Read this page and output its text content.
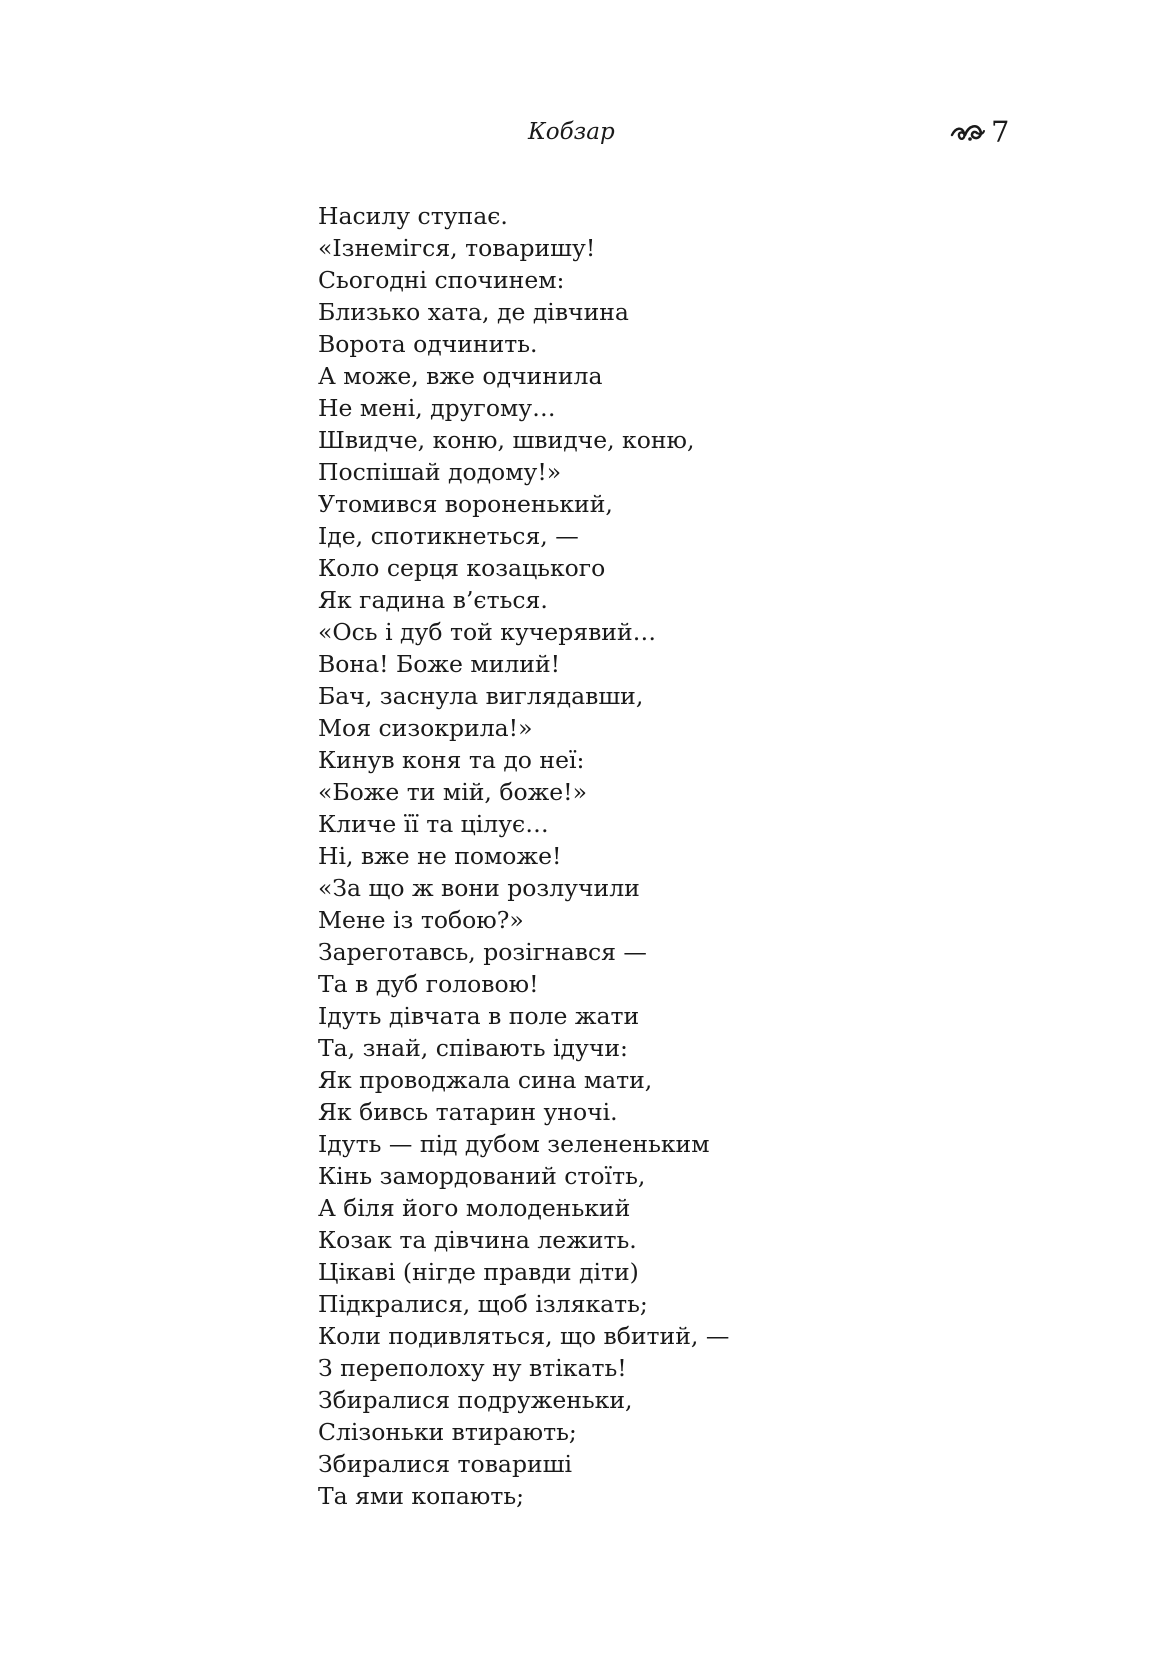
Кобзар	7
Насилу ступає.
«Ізнемігся, товаришу!
Сьогодні спочинем:
Близько хата, де дівчина
Ворота одчинить.
А може, вже одчинила
Не мені, другому…
Швидче, коню, швидче, коню,
Поспішай додому!»
Утомився вороненький,
Іде, спотикнеться, —
Коло серця козацького
Як гадина в’ється.
«Ось і дуб той кучерявий…
Вона! Боже милий!
Бач, заснула виглядавши,
Моя сизокрила!»
Кинув коня та до неї:
«Боже ти мій, боже!»
Кличе її та цілує…
Ні, вже не поможе!
«За що ж вони розлучили
Мене із тобою?»
Зареготавсь, розігнався —
Та в дуб головою!
Ідуть дівчата в поле жати
Та, знай, співають ідучи:
Як проводжала сина мати,
Як бивсь татарин уночі.
Ідуть — під дубом зелененьким
Кінь замордований стоїть,
А біля його молоденький
Козак та дівчина лежить.
Цікаві (нігде правди діти)
Підкралися, щоб ізлякать;
Коли подивляться, що вбитий, —
З переполоху ну втікать!
Збиралися подруженьки,
Слізоньки втирають;
Збиралися товариші
Та ями копають;
